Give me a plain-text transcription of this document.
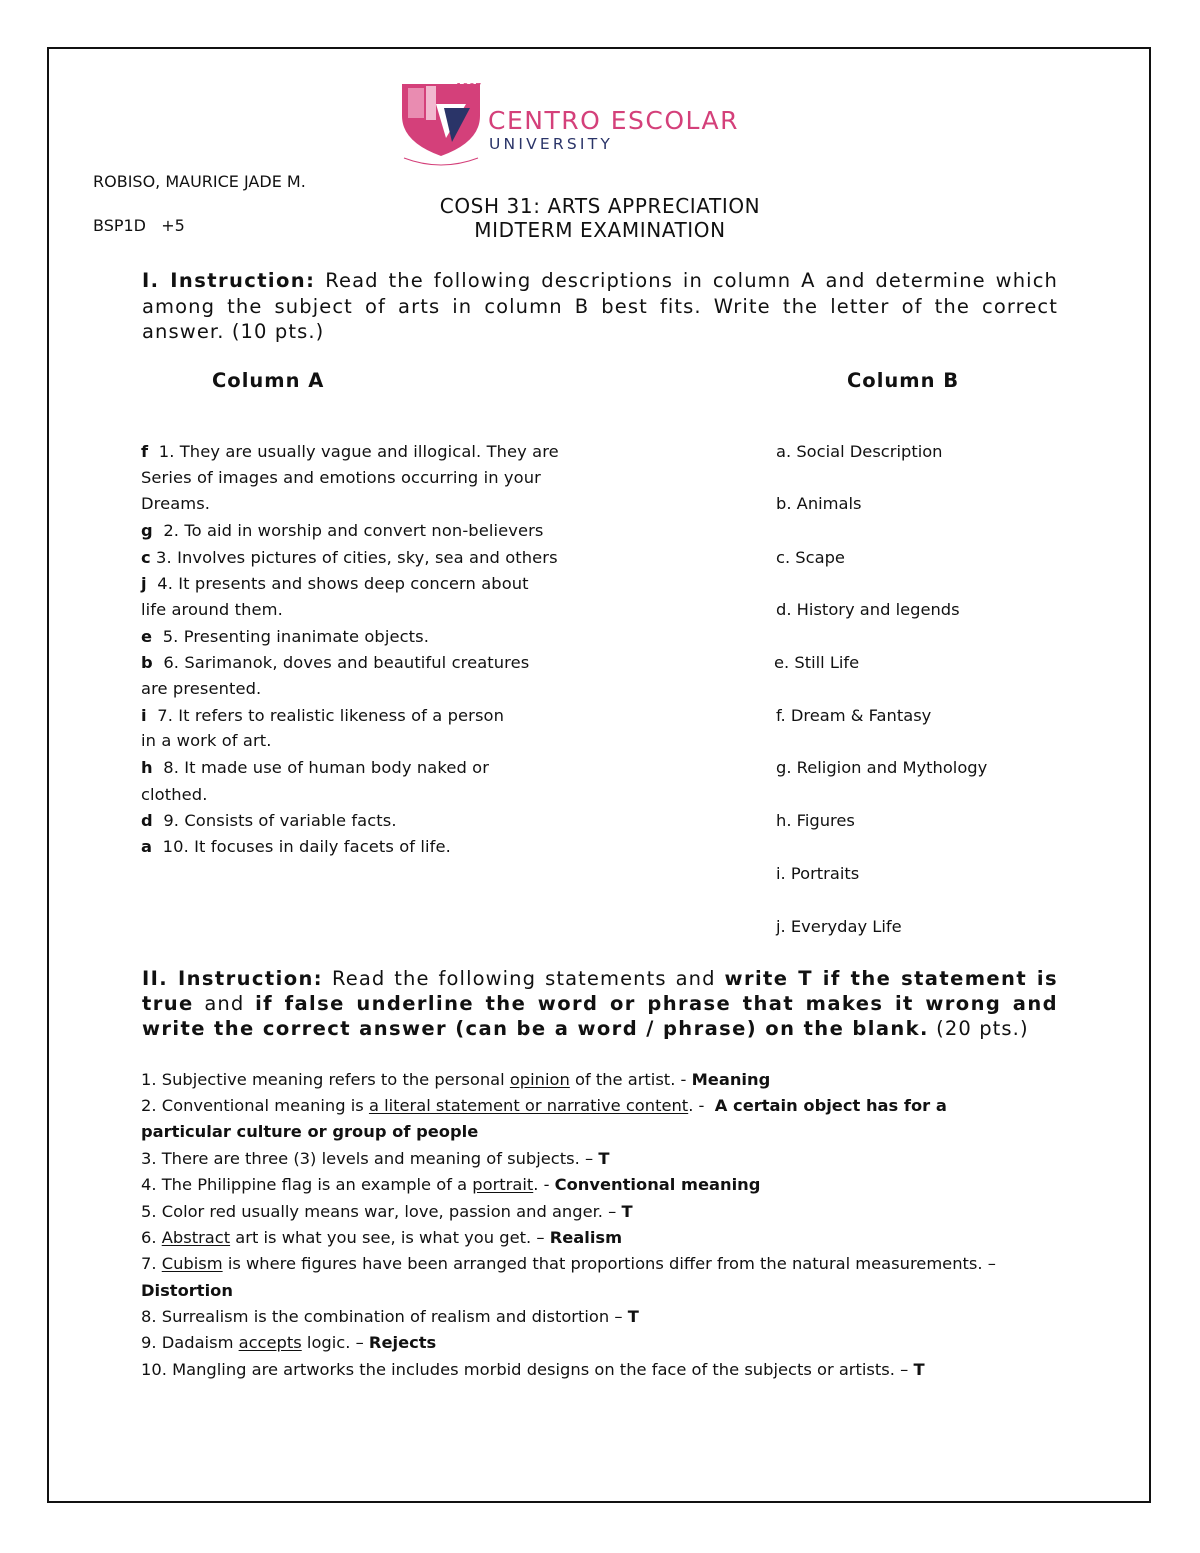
1907
CENTRO ESCOLAR
UNIVERSITY
ROBISO, MAURICE JADE M.
BSP1D +5
COSH 31: ARTS APPRECIATION
MIDTERM EXAMINATION
I. Instruction: Read the following descriptions in column A and determine which among the subject of arts in column B best fits. Write the letter of the correct answer. (10 pts.)
Column A	Column B
f 1. They are usually vague and illogical. They are
Series of images and emotions occurring in your
Dreams.
g 2. To aid in worship and convert non-believers
c 3. Involves pictures of cities, sky, sea and others
j 4. It presents and shows deep concern about
life around them.
e 5. Presenting inanimate objects.
b 6. Sarimanok, doves and beautiful creatures
are presented.
i 7. It refers to realistic likeness of a person
in a work of art.
h 8. It made use of human body naked or
clothed.
d 9. Consists of variable facts.
a 10. It focuses in daily facets of life.
a. Social Description
b. Animals
c. Scape
d. History and legends
e. Still Life
f. Dream & Fantasy
g. Religion and Mythology
h. Figures
i. Portraits
j. Everyday Life
II. Instruction: Read the following statements and write T if the statement is true and if false underline the word or phrase that makes it wrong and write the correct answer (can be a word / phrase) on the blank. (20 pts.)
1. Subjective meaning refers to the personal opinion of the artist. - Meaning
2. Conventional meaning is a literal statement or narrative content. - A certain object has for a
particular culture or group of people
3. There are three (3) levels and meaning of subjects. – T
4. The Philippine flag is an example of a portrait. - Conventional meaning
5. Color red usually means war, love, passion and anger. – T
6. Abstract art is what you see, is what you get. – Realism
7. Cubism is where figures have been arranged that proportions differ from the natural measurements. –
Distortion
8. Surrealism is the combination of realism and distortion – T
9. Dadaism accepts logic. – Rejects
10. Mangling are artworks the includes morbid designs on the face of the subjects or artists. – T
